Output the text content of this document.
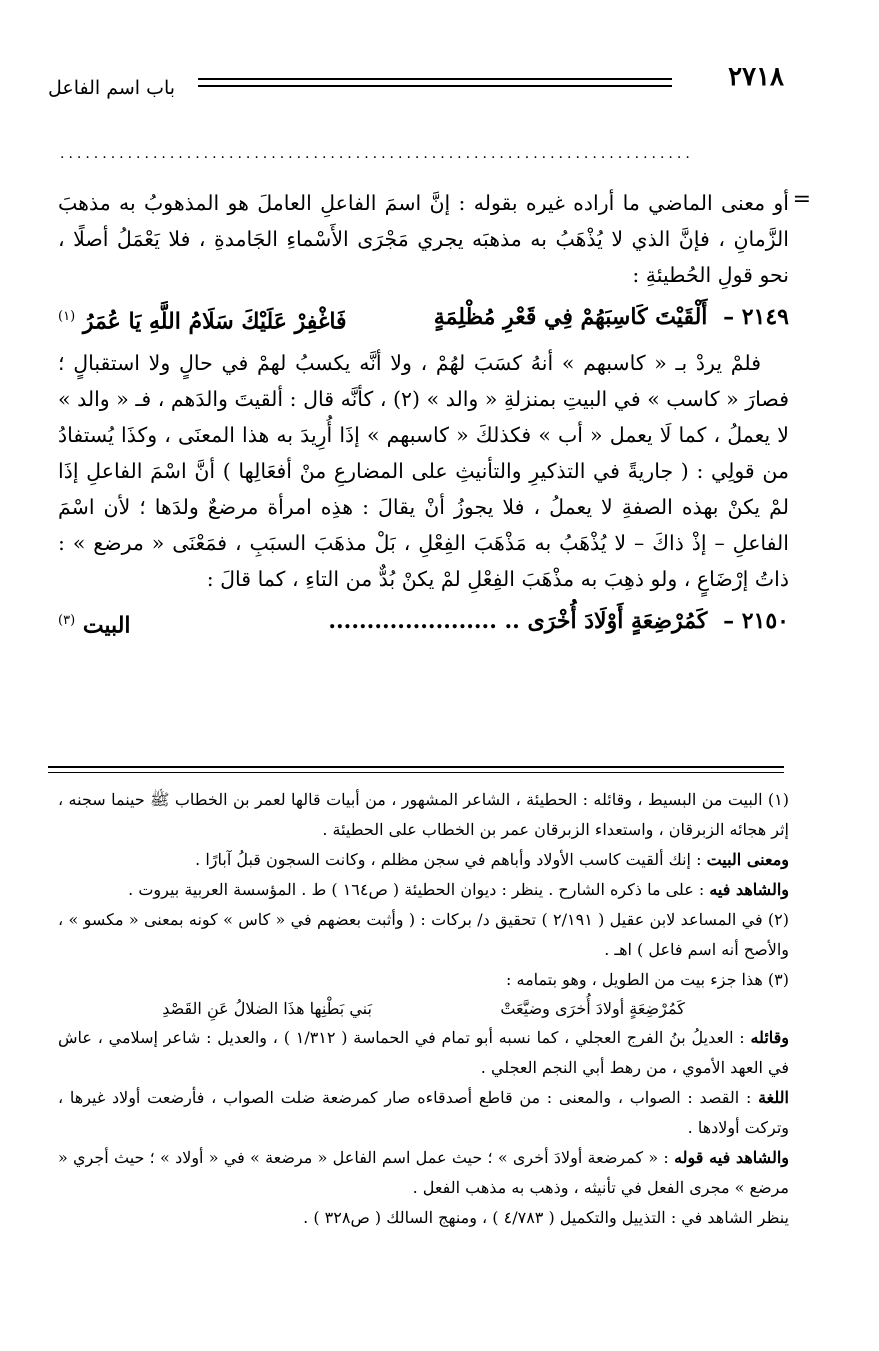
٢٧١٨
باب اسم الفاعل
...........................................................................
=

أو معنى الماضي ما أراده غيره بقوله : إنَّ اسمَ الفاعلِ العاملَ هو المذهوبُ به مذهبَ الزَّمانِ ، فإنَّ الذي لا يُذْهَبُ به مذهبَه يجري مَجْرَى الأَسْماءِ الجَامدةِ ، فلا يَعْمَلُ أصلًا ، نحو قولِ الحُطيئةِ :

٢١٤٩ – أَلْقَيْتَ كَاسِبَهُمْ فِي قَعْرِ مُظْلِمَةٍ
فَاغْفِرْ عَلَيْكَ سَلَامُ اللَّهِ يَا عُمَرُ $^{(١)}$

فلمْ يردْ بـ « كاسبهم » أنهُ كسَبَ لهُمْ ، ولا أنَّه يكسبُ لهمْ في حالٍ ولا استقبالٍ ؛ فصارَ « كاسب » في البيتِ بمنزلةِ « والد » (٢) ، كأنَّه قال : ألقيتَ والدَهم ، فـ « والد » لا يعملُ ، كما لَا يعمل « أب » فكذلكَ « كاسبهم » إذَا أُرِيدَ به هذا المعنَى ، وكذَا يُستفادُ من قولِي : ( جاريةً في التذكيرِ والتأنيثِ على المضارعِ منْ أفعَالِها ) أنَّ اسْمَ الفاعلِ إذَا لمْ يكنْ بهذه الصفةِ لا يعملُ ، فلا يجوزُ أنْ يقالَ : هذِه امرأة مرضعٌ ولدَها ؛ لأن اسْمَ الفاعلِ – إذْ ذاكَ – لا يُذْهَبُ به مَذْهَبَ الفِعْلِ ، بَلْ مذهَبَ السبَبِ ، فمَعْنَى « مرضع » : ذاتُ إرْضَاعٍ ، ولو ذهِبَ به مذْهَبَ الفِعْلِ لمْ يكنْ بُدٌّ من التاءِ ، كما قالَ :

٢١٥٠ – كَمُرْضِعَةٍ أَوْلَادَ أُخْرَى .. ......................
البيت $^{(٣)}$

(١) البيت من البسيط ، وقائله : الحطيئة ، الشاعر المشهور ، من أبيات قالها لعمر بن الخطاب ﷺ حينما سجنه ، إثر هجائه الزبرقان ، واستعداء الزبرقان عمر بن الخطاب على الحطيئة .

ومعنى البيت : إنك ألقيت كاسب الأولاد وأباهم في سجن مظلم ، وكانت السجون قبلُ آبارًا .

والشاهد فيه : على ما ذكره الشارح . ينظر : ديوان الحطيئة ( ص١٦٤ ) ط . المؤسسة العربية بيروت .

(٢) في المساعد لابن عقيل ( ٢/١٩١ ) تحقيق د/ بركات : ( وأثبت بعضهم في « كاس » كونه بمعنى « مكسو » ، والأصح أنه اسم فاعل ) اهـ .

(٣) هذا جزء بيت من الطويل ، وهو بتمامه :

كَمُرْضِعَةٍ أولادَ أُخرَى وضيَّعَتْ
بَني بَطْنِها هذَا الضلالُ عَنِ القَصْدِ

وقائله : العديلُ بنُ الفرج العجلي ، كما نسبه أبو تمام في الحماسة ( ١/٣١٢ ) ، والعديل : شاعر إسلامي ، عاش في العهد الأموي ، من رهط أبي النجم العجلي .

اللغة : القصد : الصواب ، والمعنى : من قاطع أصدقاءه صار كمرضعة ضلت الصواب ، فأرضعت أولاد غيرها ، وتركت أولادها .

والشاهد فيه قوله : « كمرضعة أولادَ أخرى » ؛ حيث عمل اسم الفاعل « مرضعة » في « أولاد » ؛ حيث أجري « مرضع » مجرى الفعل في تأنيثه ، وذهب به مذهب الفعل .

ينظر الشاهد في : التذييل والتكميل ( ٤/٧٨٣ ) ، ومنهج السالك ( ص٣٢٨ ) .
